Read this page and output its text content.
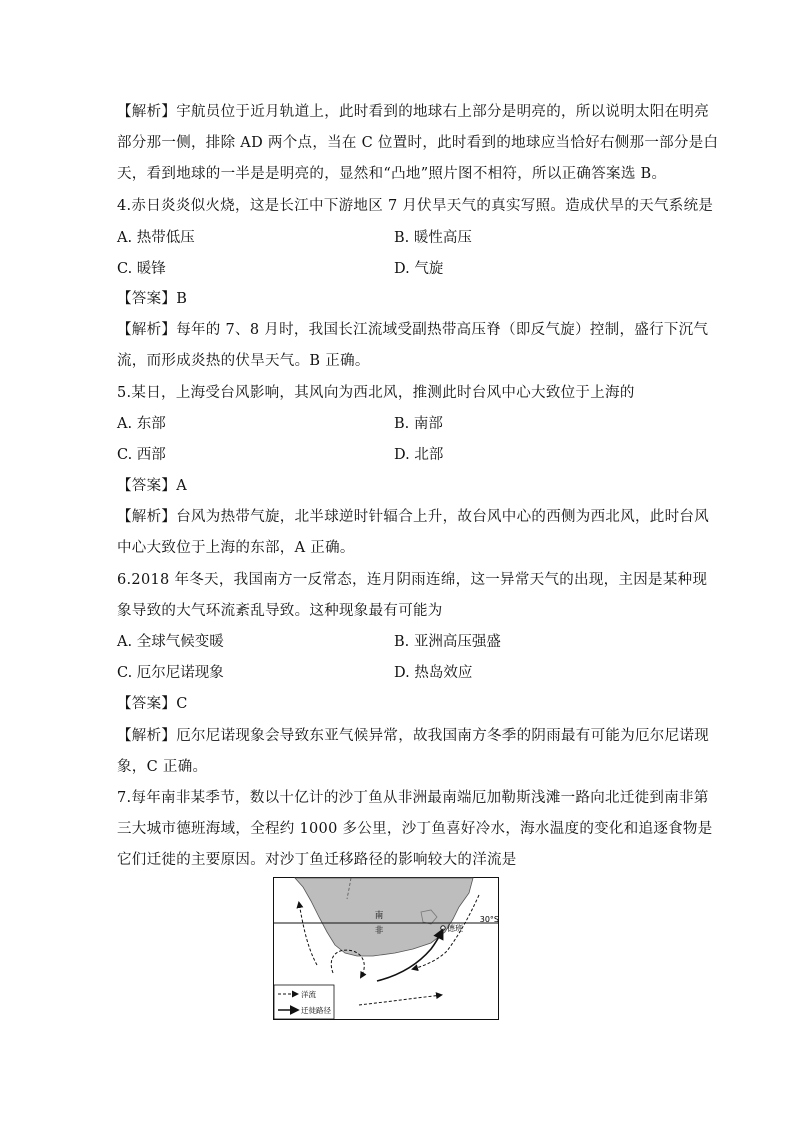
【解析】宇航员位于近月轨道上，此时看到的地球右上部分是明亮的，所以说明太阳在明亮
部分那一侧，排除 AD 两个点，当在 C 位置时，此时看到的地球应当恰好右侧那一部分是白
天，看到地球的一半是是明亮的，显然和“凸地”照片图不相符，所以正确答案选 B。
4.赤日炎炎似火烧，这是长江中下游地区 7 月伏旱天气的真实写照。造成伏旱的天气系统是
A. 热带低压	B. 暖性高压
C. 暖锋	D. 气旋
【答案】B
【解析】每年的 7、8 月时，我国长江流域受副热带高压脊（即反气旋）控制，盛行下沉气
流，而形成炎热的伏旱天气。B 正确。
5.某日，上海受台风影响，其风向为西北风，推测此时台风中心大致位于上海的
A. 东部	B. 南部
C. 西部	D. 北部
【答案】A
【解析】台风为热带气旋，北半球逆时针辐合上升，故台风中心的西侧为西北风，此时台风
中心大致位于上海的东部，A 正确。
6.2018 年冬天，我国南方一反常态，连月阴雨连绵，这一异常天气的出现，主因是某种现
象导致的大气环流紊乱导致。这种现象最有可能为
A. 全球气候变暖	B. 亚洲高压强盛
C. 厄尔尼诺现象	D. 热岛效应
【答案】C
【解析】厄尔尼诺现象会导致东亚气候异常，故我国南方冬季的阴雨最有可能为厄尔尼诺现
象，C 正确。
7.每年南非某季节，数以十亿计的沙丁鱼从非洲最南端厄加勒斯浅滩一路向北迁徙到南非第
三大城市德班海域，全程约 1000 多公里，沙丁鱼喜好冷水，海水温度的变化和追逐食物是
它们迁徙的主要原因。对沙丁鱼迁移路径的影响较大的洋流是
30°S
南
非	德班
洋流
迁徙路径
